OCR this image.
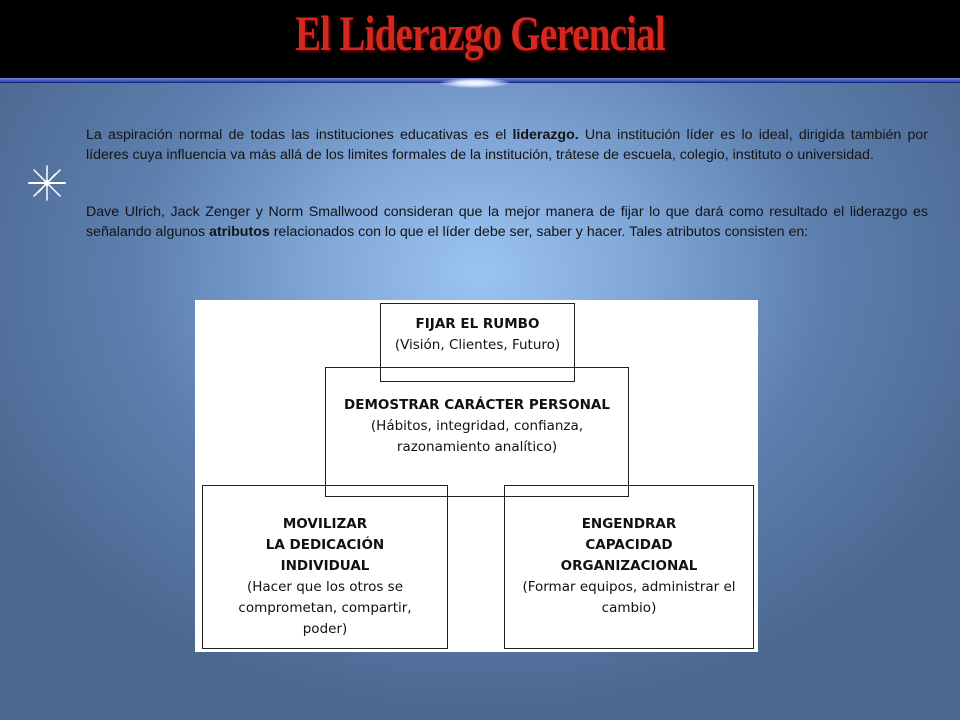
El Liderazgo Gerencial

La aspiración normal de todas las instituciones educativas es el liderazgo. Una institución líder es lo ideal, dirigida también por líderes cuya influencia va más allá de los limites formales de la institución, trátese de escuela, colegio, instituto o universidad.

Dave Ulrich, Jack Zenger y Norm Smallwood consideran que la mejor manera de fijar lo que dará como resultado el liderazgo es señalando algunos atributos relacionados con lo que el líder debe ser, saber y hacer. Tales atributos consisten en:

FIJAR EL RUMBO
(Visión, Clientes, Futuro)
DEMOSTRAR CARÁCTER PERSONAL
(Hábitos, integridad, confianza,
razonamiento analítico)
MOVILIZAR
LA DEDICACIÓN
INDIVIDUAL
(Hacer que los otros se
comprometan, compartir,
poder)
ENGENDRAR
CAPACIDAD
ORGANIZACIONAL
(Formar equipos, administrar el
cambio)
